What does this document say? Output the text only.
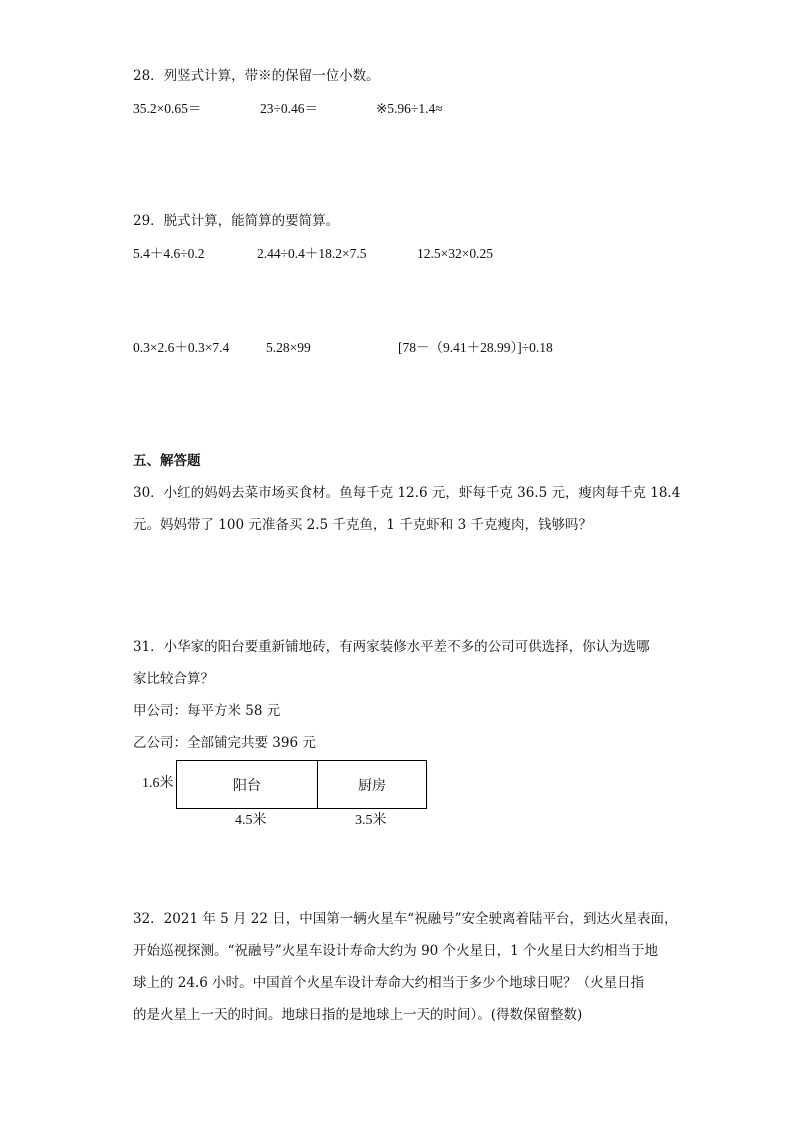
28．列竖式计算，带※的保留一位小数。
35.2×0.65＝	23÷0.46＝	※5.96÷1.4≈
29．脱式计算，能简算的要简算。
5.4＋4.6÷0.2	2.44÷0.4＋18.2×7.5	12.5×32×0.25
0.3×2.6＋0.3×7.4	5.28×99	[78－（9.41＋28.99）]÷0.18
五、解答题
30．小红的妈妈去菜市场买食材。鱼每千克 12.6 元，虾每千克 36.5 元，瘦肉每千克 18.4
元。妈妈带了 100 元准备买 2.5 千克鱼，1 千克虾和 3 千克瘦肉，钱够吗？
31．小华家的阳台要重新铺地砖，有两家装修水平差不多的公司可供选择，你认为选哪
家比较合算？
甲公司：每平方米 58 元
乙公司：全部铺完共要 396 元
1.6米	阳台	厨房
4.5米	3.5米
32．2021 年 5 月 22 日，中国第一辆火星车“祝融号”安全驶离着陆平台，到达火星表面，
开始巡视探测。“祝融号”火星车设计寿命大约为 90 个火星日，1 个火星日大约相当于地
球上的 24.6 小时。中国首个火星车设计寿命大约相当于多少个地球日呢？（火星日指
的是火星上一天的时间。地球日指的是地球上一天的时间）。(得数保留整数)
